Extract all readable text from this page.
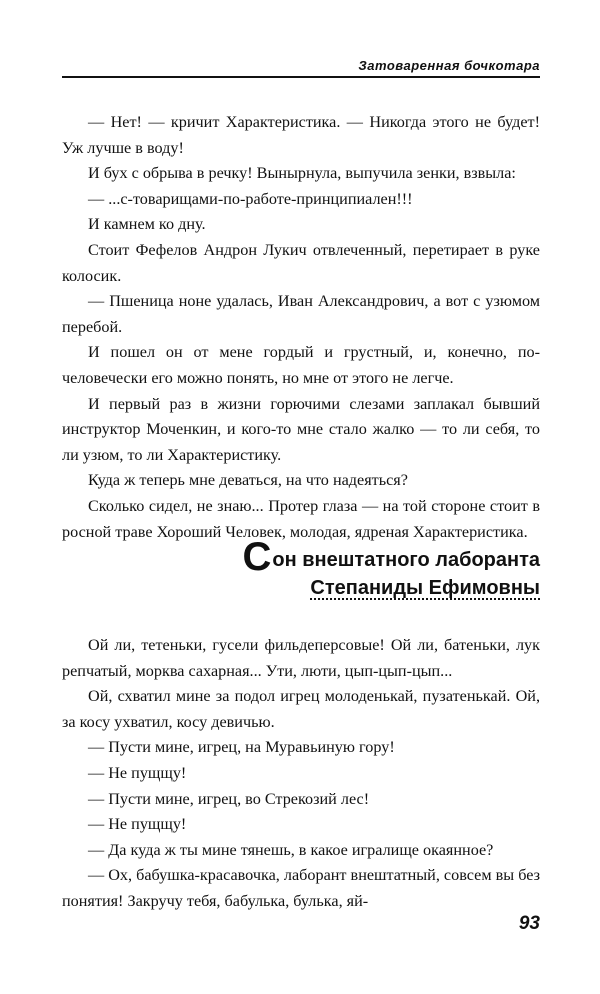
Затоваренная бочкотара

— Нет! — кричит Характеристика. — Никогда этого не будет! Уж лучше в воду!

И бух с обрыва в речку! Вынырнула, выпучила зенки, взвыла:

— ...с-товарищами-по-работе-принципиален!!!

И камнем ко дну.

Стоит Фефелов Андрон Лукич отвлеченный, перетирает в руке колосик.

— Пшеница ноне удалась, Иван Александрович, а вот с узюмом перебой.

И пошел он от мене гордый и грустный, и, конечно, по-человечески его можно понять, но мне от этого не легче.

И первый раз в жизни горючими слезами заплакал бывший инструктор Моченкин, и кого-то мне стало жалко — то ли себя, то ли узюм, то ли Характеристику.

Куда ж теперь мне деваться, на что надеяться?

Сколько сидел, не знаю... Протер глаза — на той стороне стоит в росной траве Хороший Человек, молодая, ядреная Характеристика.

Сон внештатного лаборанта
Степаниды Ефимовны

Ой ли, тетеньки, гусели фильдеперсовые! Ой ли, батеньки, лук репчатый, морква сахарная... Ути, люти, цып-цып-цып...

Ой, схватил мине за подол игрец молоденькай, пузатенькай. Ой, за косу ухватил, косу девичью.

— Пусти мине, игрец, на Муравьиную гору!

— Не пущщу!

— Пусти мине, игрец, во Стрекозий лес!

— Не пущщу!

— Да куда ж ты мине тянешь, в какое игралище окаянное?

— Ох, бабушка-красавочка, лаборант внештатный, совсем вы без понятия! Закручу тебя, бабулька, булька, яй-

93
